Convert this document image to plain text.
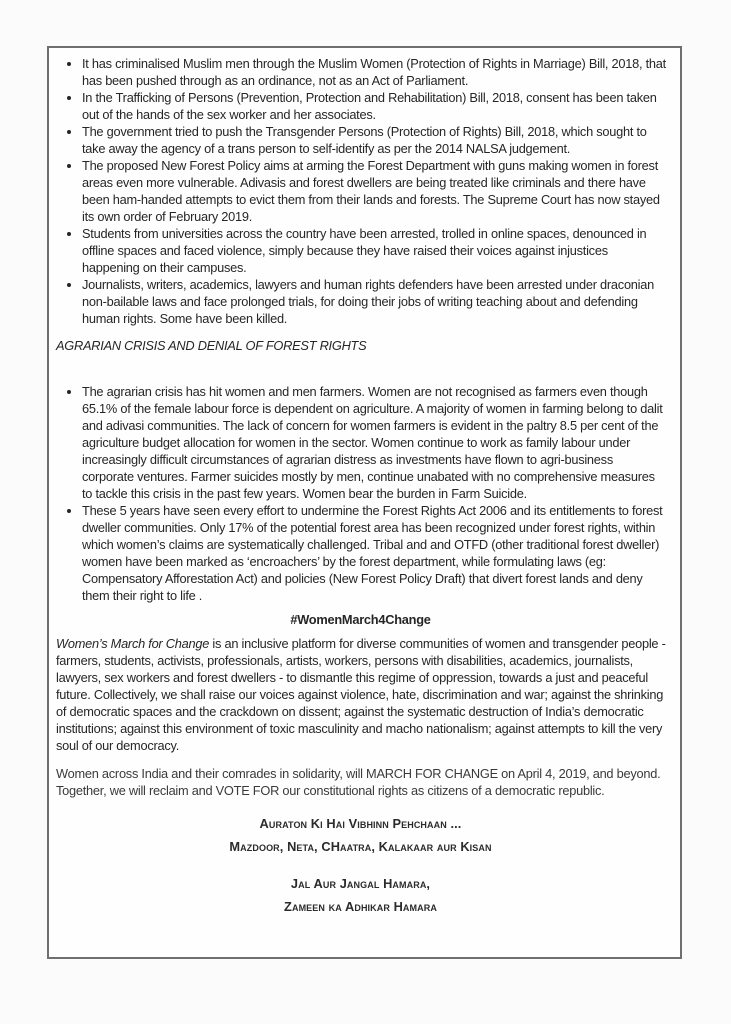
• It has criminalised Muslim men through the Muslim Women (Protection of Rights in Marriage) Bill, 2018, that has been pushed through as an ordinance, not as an Act of Parliament.
• In the Trafficking of Persons (Prevention, Protection and Rehabilitation) Bill, 2018, consent has been taken out of the hands of the sex worker and her associates.
• The government tried to push the Transgender Persons (Protection of Rights) Bill, 2018, which sought to take away the agency of a trans person to self-identify as per the 2014 NALSA judgement.
• The proposed New Forest Policy aims at arming the Forest Department with guns making women in forest areas even more vulnerable. Adivasis and forest dwellers are being treated like criminals and there have been ham-handed attempts to evict them from their lands and forests. The Supreme Court has now stayed its own order of February 2019.
• Students from universities across the country have been arrested, trolled in online spaces, denounced in offline spaces and faced violence, simply because they have raised their voices against injustices happening on their campuses.
• Journalists, writers, academics, lawyers and human rights defenders have been arrested under draconian non-bailable laws and face prolonged trials, for doing their jobs of writing teaching about and defending human rights. Some have been killed.
AGRARIAN CRISIS AND DENIAL OF FOREST RIGHTS
• The agrarian crisis has hit women and men farmers. Women are not recognised as farmers even though 65.1% of the female labour force is dependent on agriculture. A majority of women in farming belong to dalit and adivasi communities. The lack of concern for women farmers is evident in the paltry 8.5 per cent of the agriculture budget allocation for women in the sector. Women continue to work as family labour under increasingly difficult circumstances of agrarian distress as investments have flown to agri-business corporate ventures. Farmer suicides mostly by men, continue unabated with no comprehensive measures to tackle this crisis in the past few years. Women bear the burden in Farm Suicide.
• These 5 years have seen every effort to undermine the Forest Rights Act 2006 and its entitlements to forest dweller communities. Only 17% of the potential forest area has been recognized under forest rights, within which women’s claims are systematically challenged. Tribal and and OTFD (other traditional forest dweller) women have been marked as ‘encroachers’ by the forest department, while formulating laws (eg: Compensatory Afforestation Act) and policies (New Forest Policy Draft) that divert forest lands and deny them their right to life .
#WomenMarch4Change

Women’s March for Change is an inclusive platform for diverse communities of women and transgender people - farmers, students, activists, professionals, artists, workers, persons with disabilities, academics, journalists, lawyers, sex workers and forest dwellers - to dismantle this regime of oppression, towards a just and peaceful future. Collectively, we shall raise our voices against violence, hate, discrimination and war; against the shrinking of democratic spaces and the crackdown on dissent; against the systematic destruction of India’s democratic institutions; against this environment of toxic masculinity and macho nationalism; against attempts to kill the very soul of our democracy.

Women across India and their comrades in solidarity, will MARCH FOR CHANGE on April 4, 2019, and beyond. Together, we will reclaim and VOTE FOR our constitutional rights as citizens of a democratic republic.

Auraton Ki Hai Vibhinn Pehchaan ...
Mazdoor, Neta, CHaatra, Kalakaar aur Kisan
Jal Aur Jangal Hamara,
Zameen ka Adhikar Hamara
